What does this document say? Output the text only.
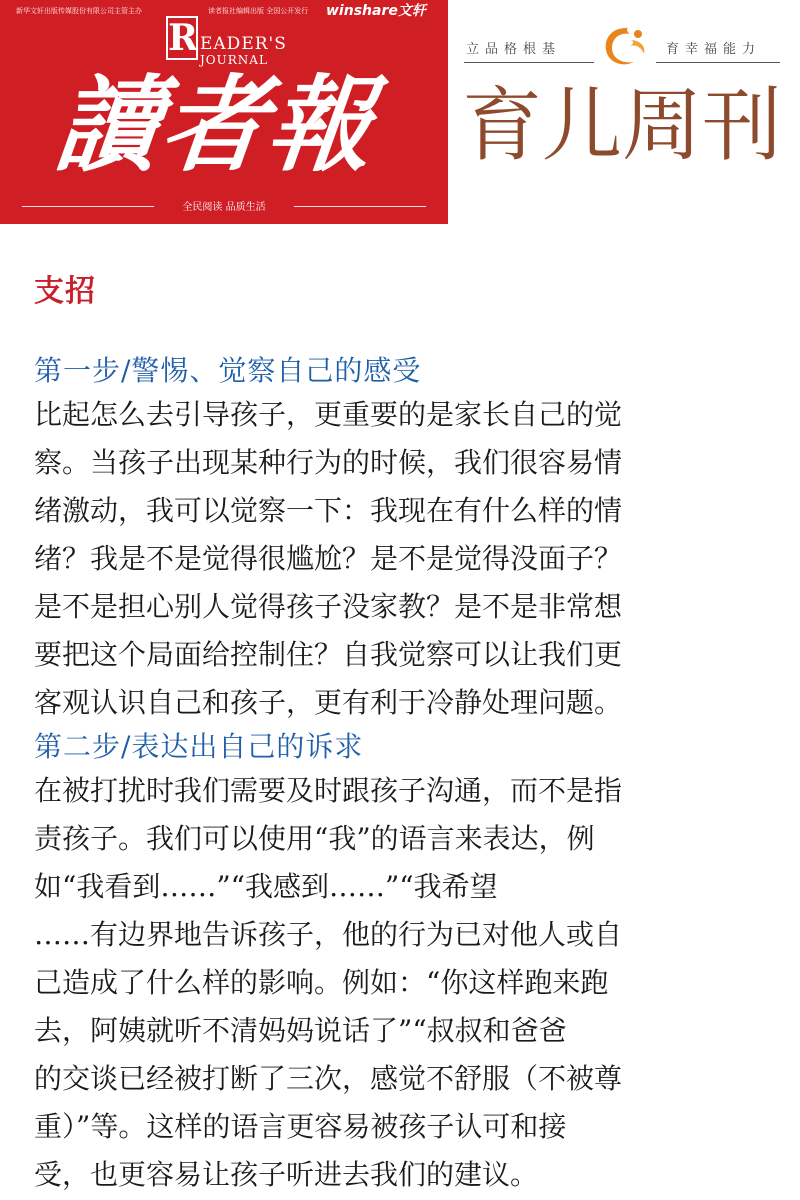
新华文轩出版传媒股份有限公司主管主办	读者报社编辑出版 全国公开发行 winshare文轩
R EADER'S
JOURNAL
讀者報
全民阅读 品质生活
立品格根基	育幸福能力
育儿周刊
支招
第一步/警惕、觉察自己的感受
比起怎么去引导孩子，更重要的是家长自己的觉
察。当孩子出现某种行为的时候，我们很容易情
绪激动，我可以觉察一下：我现在有什么样的情
绪？我是不是觉得很尴尬？是不是觉得没面子？
是不是担心别人觉得孩子没家教？是不是非常想
要把这个局面给控制住？自我觉察可以让我们更
客观认识自己和孩子，更有利于冷静处理问题。
第二步/表达出自己的诉求
在被打扰时我们需要及时跟孩子沟通，而不是指
责孩子。我们可以使用“我”的语言来表达，例
如“我看到……”“我感到……”“我希望
……有边界地告诉孩子，他的行为已对他人或自
己造成了什么样的影响。例如：“你这样跑来跑
去，阿姨就听不清妈妈说话了”“叔叔和爸爸
的交谈已经被打断了三次，感觉不舒服（不被尊
重）”等。这样的语言更容易被孩子认可和接
受，也更容易让孩子听进去我们的建议。
